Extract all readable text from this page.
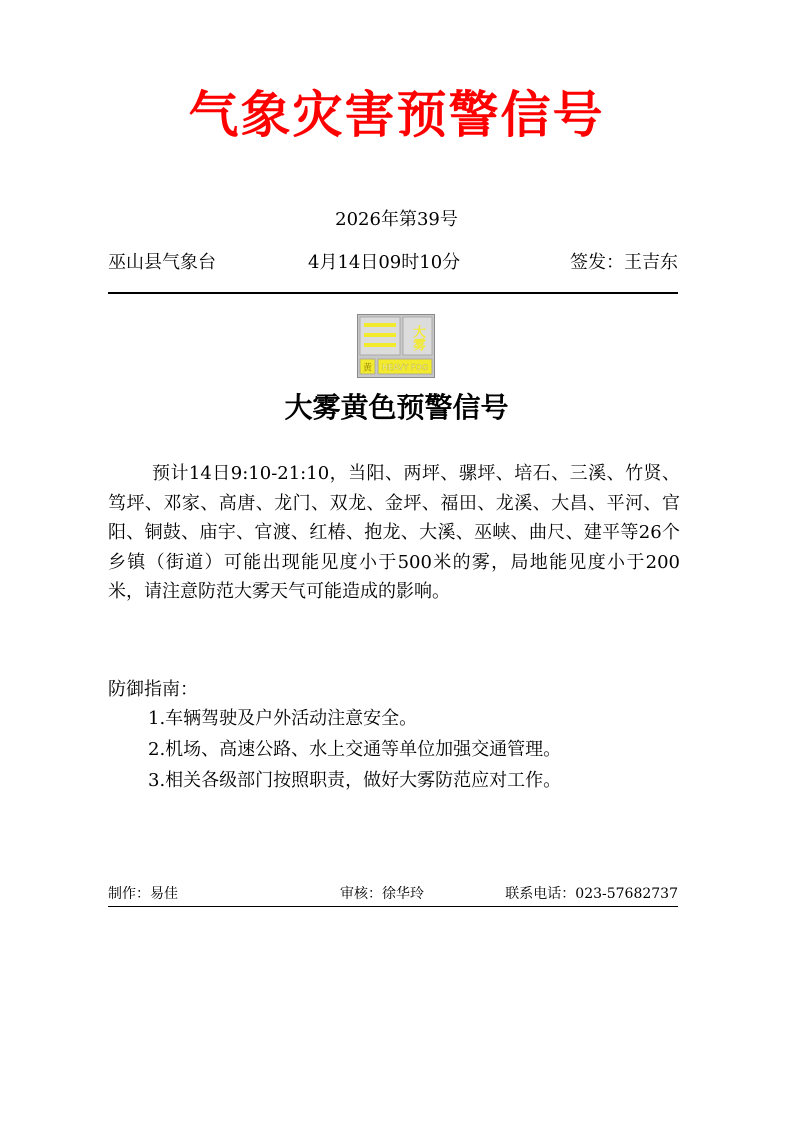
气象灾害预警信号
2026年第39号
巫山县气象台	4月14日09时10分	签发：王吉东
大雾
黄 HEAVY FOG
大雾黄色预警信号
预计14日9:10-21:10，当阳、两坪、骡坪、培石、三溪、竹贤、笃坪、邓家、高唐、龙门、双龙、金坪、福田、龙溪、大昌、平河、官阳、铜鼓、庙宇、官渡、红椿、抱龙、大溪、巫峡、曲尺、建平等26个乡镇（街道）可能出现能见度小于500米的雾，局地能见度小于200米，请注意防范大雾天气可能造成的影响。
防御指南：
1.车辆驾驶及户外活动注意安全。
2.机场、高速公路、水上交通等单位加强交通管理。
3.相关各级部门按照职责，做好大雾防范应对工作。
制作：易佳	审核：徐华玲	联系电话：023-57682737
